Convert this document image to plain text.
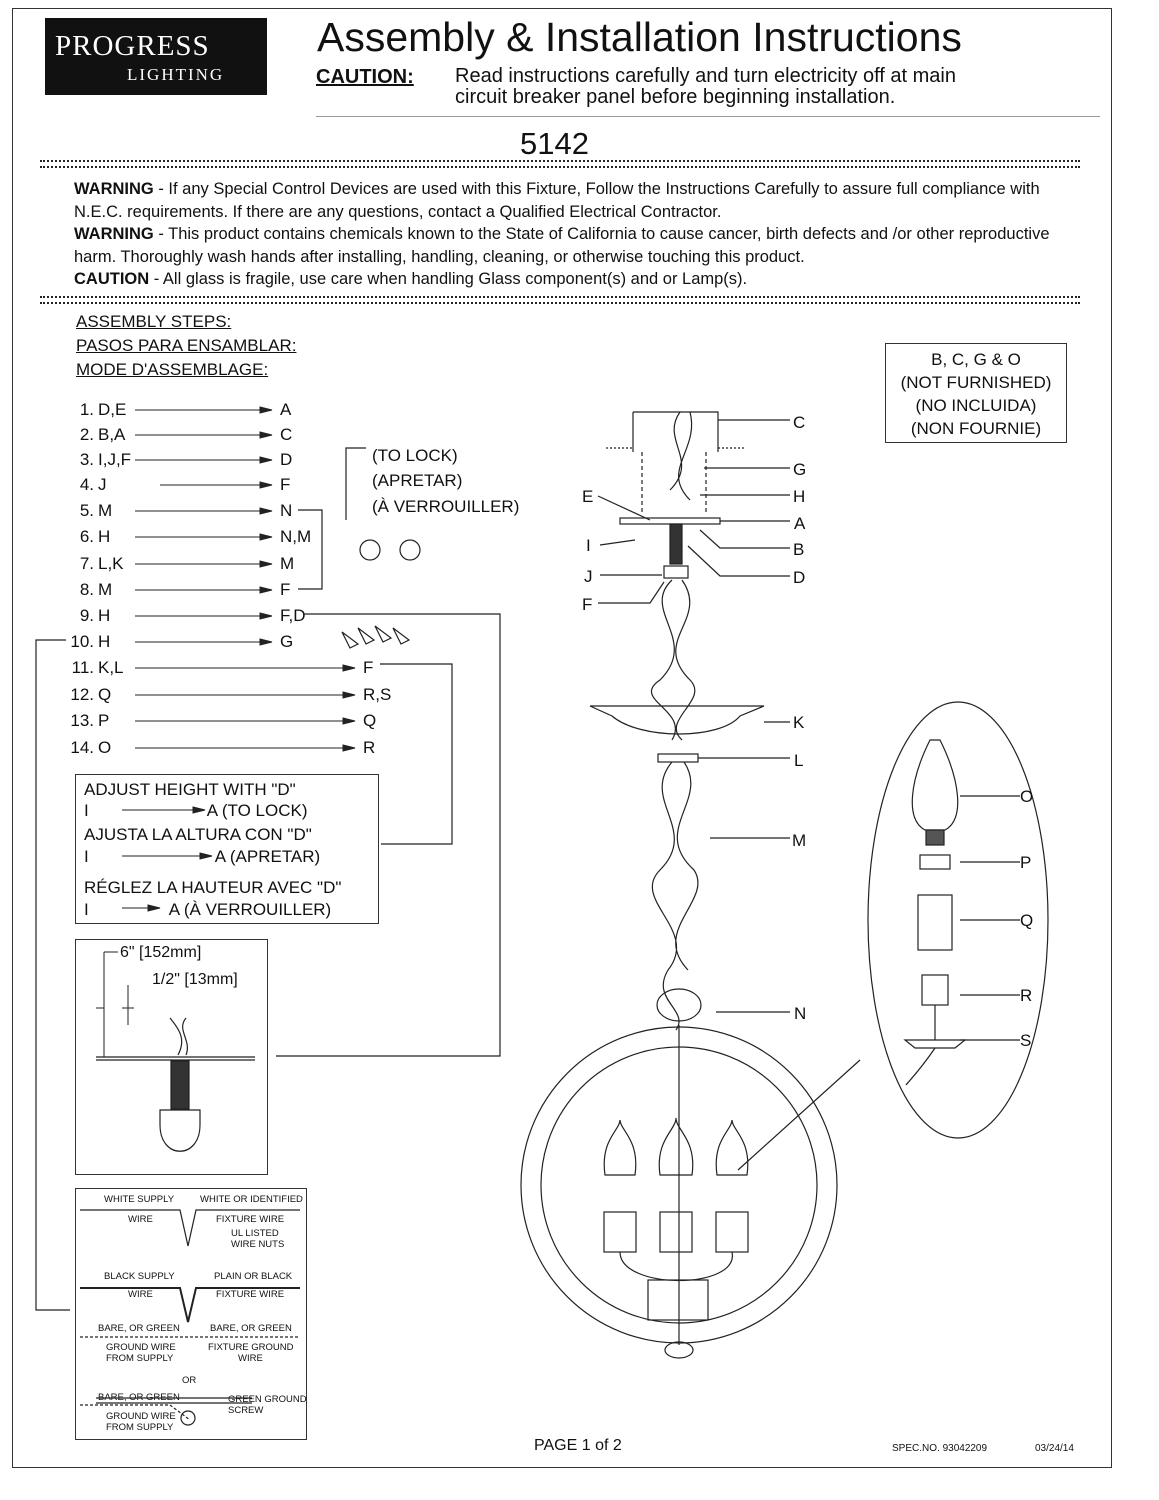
PROGRESS
LIGHTING
Assembly & Installation Instructions
CAUTION: Read instructions carefully and turn electricity off at main
circuit breaker panel before beginning installation.
5142
WARNING - If any Special Control Devices are used with this Fixture, Follow the Instructions Carefully to assure full compliance with N.E.C. requirements. If there are any questions, contact a Qualified Electrical Contractor.
WARNING - This product contains chemicals known to the State of California to cause cancer, birth defects and /or other reproductive harm. Thoroughly wash hands after installing, handling, cleaning, or otherwise touching this product.
CAUTION - All glass is fragile, use care when handling Glass component(s) and or Lamp(s).
ASSEMBLY STEPS:
PASOS PARA ENSAMBLAR:
MODE D'ASSEMBLAGE:
1. D,E	A
2. B,A	C
3. I,J,F	D
4. J	F
5. M	N
6. H	N,M
7. L,K	M
8. M	F
9. H	F,D
10. H	G
11. K,L	F
12. Q	R,S
13. P	Q
14. O	R
(TO LOCK)
(APRETAR)
(À VERROUILLER)
B, C, G & O
(NOT FURNISHED)
(NO INCLUIDA)
(NON FOURNIE)
ADJUST HEIGHT WITH "D"
I	A (TO LOCK)
AJUSTA LA ALTURA CON "D"
I	A (APRETAR)
RÉGLEZ LA HAUTEUR AVEC "D"
I	A (À VERROUILLER)
6" [152mm]
1/2" [13mm]
WHITE SUPPLY
WIRE
WHITE OR IDENTIFIED
FIXTURE WIRE
UL LISTED
WIRE NUTS
BLACK SUPPLY
WIRE
PLAIN OR BLACK
FIXTURE WIRE
BARE, OR GREEN
GROUND WIRE
FROM SUPPLY
BARE, OR GREEN
FIXTURE GROUND
WIRE
OR
BARE, OR GREEN
GROUND WIRE
FROM SUPPLY
GREEN GROUND
SCREW
C
G
H
A
B
D
E
I
J
F
K
L
M
N
O
P
Q
R
S
PAGE 1 of 2	SPEC.NO. 93042209	03/24/14
